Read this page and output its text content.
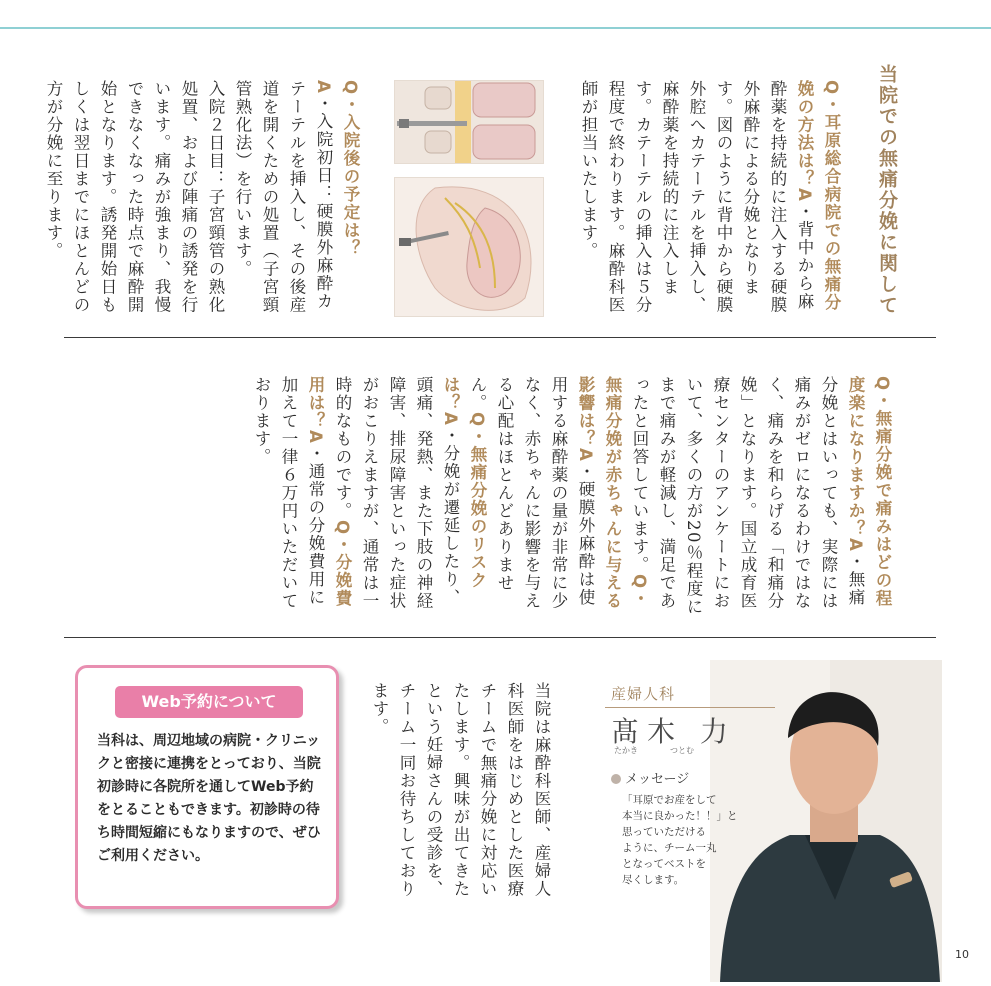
当院での無痛分娩に関して
Q・耳原総合病院での無痛分娩の方法は？A・背中から麻酔薬を持続的に注入する硬膜外麻酔による分娩となります。図のように背中から硬膜外腔へカテーテルを挿入し、麻酔薬を持続的に注入します。カテーテルの挿入は５分程度で終わります。麻酔科医師が担当いたします。
Q・入院後の予定は？
A・入院初日：硬膜外麻酔カテーテルを挿入し、その後産道を開くための処置（子宮頸管熟化法）を行います。
入院２日目：子宮頸管の熟化処置、および陣痛の誘発を行います。痛みが強まり、我慢できなくなった時点で麻酔開始となります。誘発開始日もしくは翌日までにほとんどの方が分娩に至ります。
Q・無痛分娩で痛みはどの程度楽になりますか？A・無痛分娩とはいっても、実際には痛みがゼロになるわけではなく、痛みを和らげる「和痛分娩」となります。国立成育医療センターのアンケートにおいて、多くの方が20％程度にまで痛みが軽減し、満足であったと回答しています。Q・無痛分娩が赤ちゃんに与える影響は？A・硬膜外麻酔は使用する麻酔薬の量が非常に少なく、赤ちゃんに影響を与える心配はほとんどありません。Q・無痛分娩のリスクは？A・分娩が遷延したり、頭痛、発熱、また下肢の神経障害、排尿障害といった症状がおこりえますが、通常は一時的なものです。Q・分娩費用は？A・通常の分娩費用に加えて一律６万円いただいております。
当院は麻酔科医師、産婦人科医師をはじめとした医療チームで無痛分娩に対応いたします。興味が出てきたという妊婦さんの受診を、チーム一同お待ちしております。
Web予約について
当科は、周辺地域の病院・クリニックと密接に連携をとっており、当院初診時に各院所を通してWeb予約をとることもできます。初診時の待ち時間短縮にもなりますので、ぜひご利用ください。
産婦人科
髙木 力
たかき	つとむ
メッセージ
「耳原でお産をして
本当に良かった！！」と
思っていただける
ように、チーム一丸
となってベストを
尽くします。
10
